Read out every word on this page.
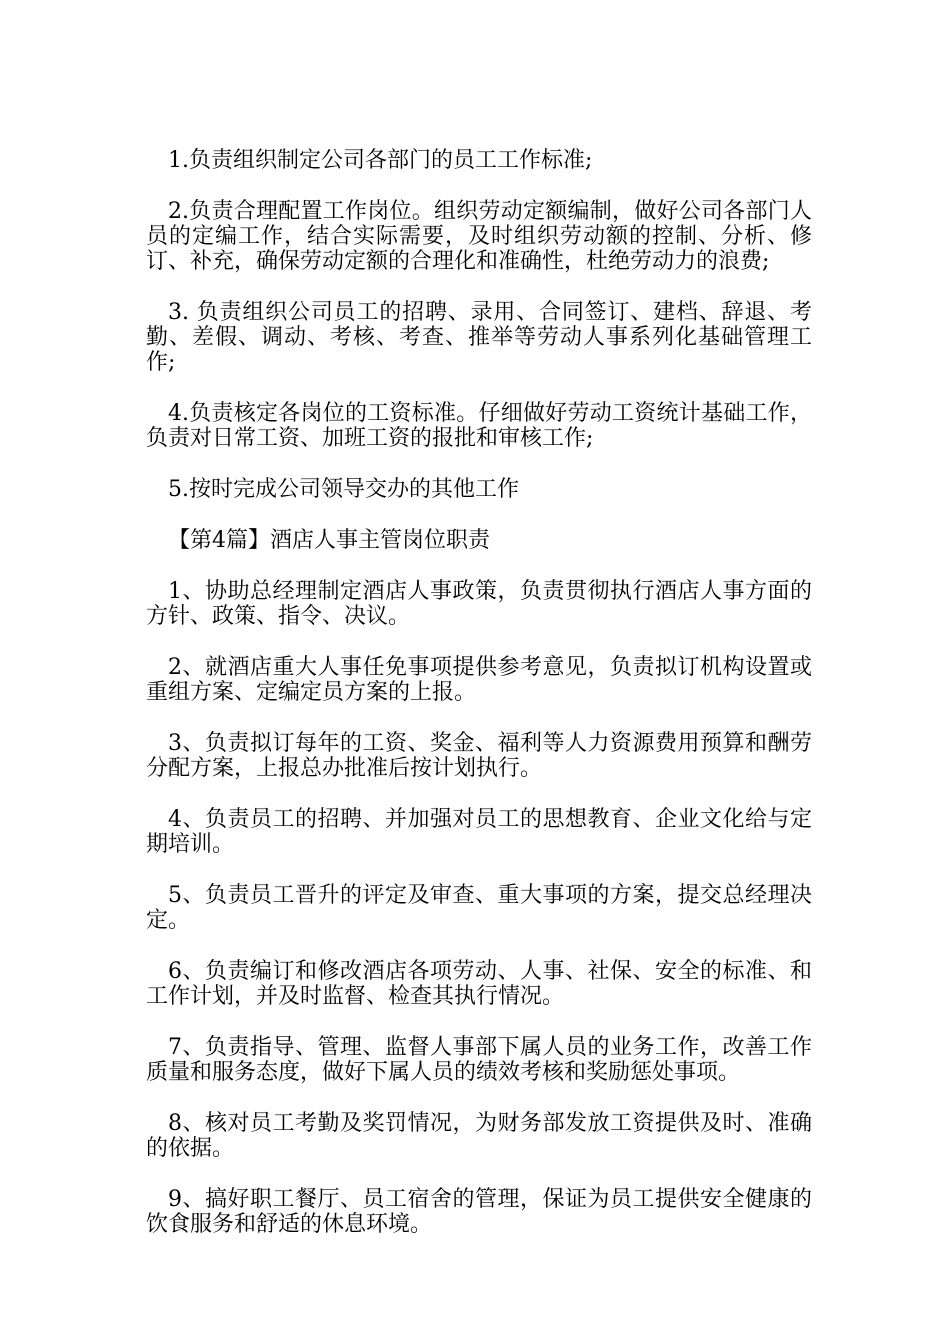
1.负责组织制定公司各部门的员工工作标准;

2.负责合理配置工作岗位。组织劳动定额编制，做好公司各部门人员的定编工作，结合实际需要，及时组织劳动额的控制、分析、修订、补充，确保劳动定额的合理化和准确性，杜绝劳动力的浪费;

3. 负责组织公司员工的招聘、录用、合同签订、建档、辞退、考勤、差假、调动、考核、考查、推举等劳动人事系列化基础管理工作;

4.负责核定各岗位的工资标准。仔细做好劳动工资统计基础工作，负责对日常工资、加班工资的报批和审核工作;

5.按时完成公司领导交办的其他工作

【第4篇】酒店人事主管岗位职责

1、协助总经理制定酒店人事政策，负责贯彻执行酒店人事方面的方针、政策、指令、决议。

2、就酒店重大人事任免事项提供参考意见，负责拟订机构设置或重组方案、定编定员方案的上报。

3、负责拟订每年的工资、奖金、福利等人力资源费用预算和酬劳分配方案，上报总办批准后按计划执行。

4、负责员工的招聘、并加强对员工的思想教育、企业文化给与定期培训。

5、负责员工晋升的评定及审查、重大事项的方案，提交总经理决定。

6、负责编订和修改酒店各项劳动、人事、社保、安全的标准、和工作计划，并及时监督、检查其执行情况。

7、负责指导、管理、监督人事部下属人员的业务工作，改善工作质量和服务态度，做好下属人员的绩效考核和奖励惩处事项。

8、核对员工考勤及奖罚情况，为财务部发放工资提供及时、准确的依据。

9、搞好职工餐厅、员工宿舍的管理，保证为员工提供安全健康的饮食服务和舒适的休息环境。
